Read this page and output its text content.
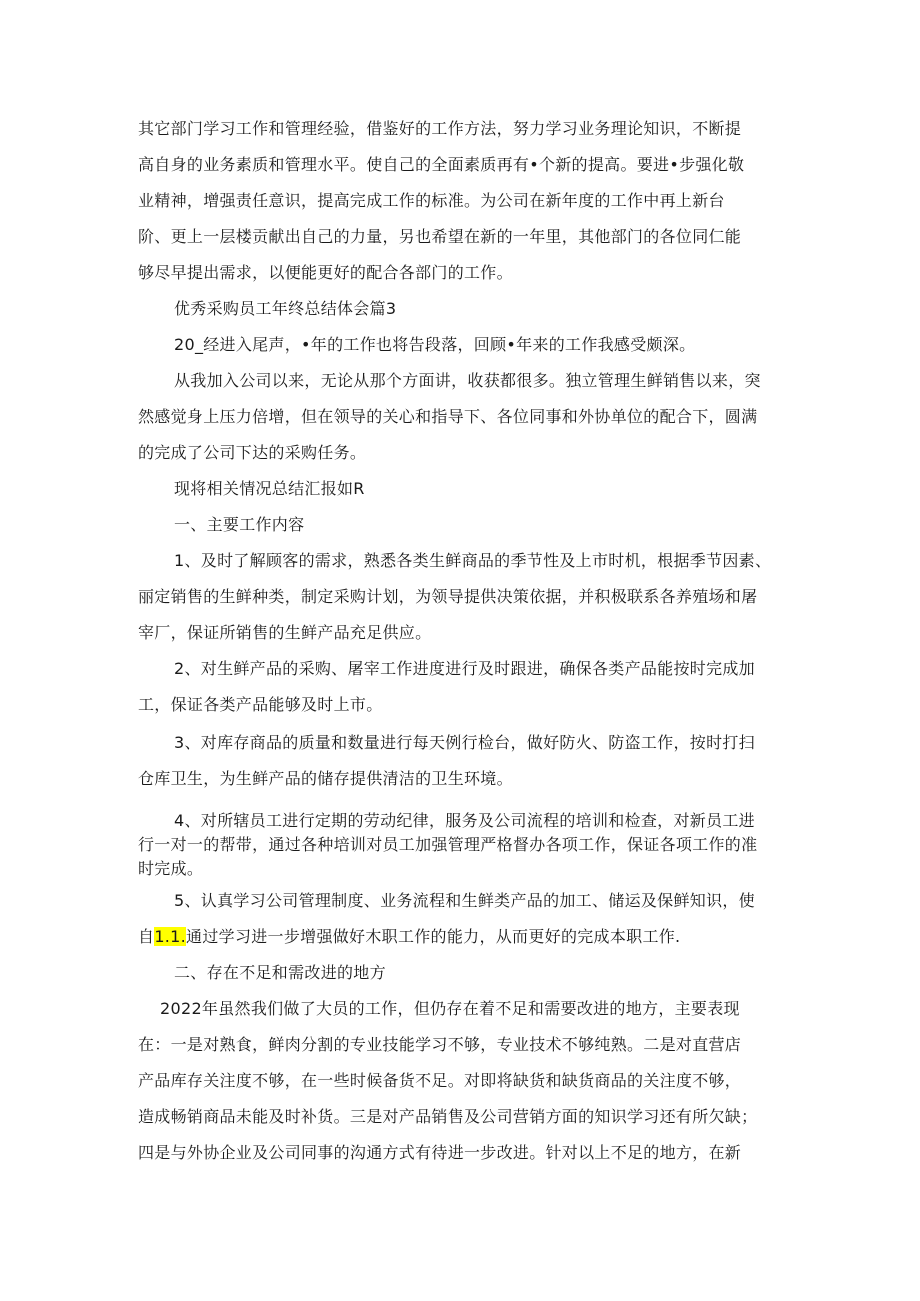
其它部门学习工作和管理经验，借鉴好的工作方法，努力学习业务理论知识，不断提
高自身的业务素质和管理水平。使自己的全面素质再有•个新的提高。要进•步强化敬
业精神，增强责任意识，提高完成工作的标准。为公司在新年度的工作中再上新台
阶、更上一层楼贡献出自己的力量，另也希望在新的一年里，其他部门的各位同仁能
够尽早提出需求，以便能更好的配合各部门的工作。
优秀采购员工年终总结体会篇3
20_经进入尾声，•年的工作也将告段落，回顾•年来的工作我感受颇深。
从我加入公司以来，无论从那个方面讲，收获都很多。独立管理生鲜销售以来，突
然感觉身上压力倍增，但在领导的关心和指导下、各位同事和外协单位的配合下，圆满
的完成了公司下达的采购任务。
现将相关情况总结汇报如R
一、主要工作内容
1、及时了解顾客的需求，熟悉各类生鲜商品的季节性及上市时机，根据季节因素、
丽定销售的生鲜种类，制定采购计划，为领导提供决策依据，并积极联系各养殖场和屠
宰厂，保证所销售的生鲜产品充足供应。
2、对生鲜产品的采购、屠宰工作进度进行及时跟进，确保各类产品能按时完成加
工，保证各类产品能够及时上市。
3、对库存商品的质量和数量进行每天例行检台，做好防火、防盗工作，按时打扫
仓库卫生，为生鲜产品的储存提供清洁的卫生环境。
4、对所辖员工进行定期的劳动纪律，服务及公司流程的培训和检查，对新员工进
行一对一的帮带，通过各种培训对员工加强管理严格督办各项工作，保证各项工作的准
时完成。
5、认真学习公司管理制度、业务流程和生鲜类产品的加工、储运及保鲜知识，使
自1.1.通过学习进一步增强做好木职工作的能力，从而更好的完成本职工作.
二、存在不足和需改进的地方
2022年虽然我们做了大员的工作，但仍存在着不足和需要改进的地方，主要表现
在：一是对熟食，鲜肉分割的专业技能学习不够，专业技术不够纯熟。二是对直营店
产品库存关注度不够，在一些时候备货不足。对即将缺货和缺货商品的关注度不够，
造成畅销商品未能及时补货。三是对产品销售及公司营销方面的知识学习还有所欠缺；
四是与外协企业及公司同事的沟通方式有待进一步改进。针对以上不足的地方，在新
